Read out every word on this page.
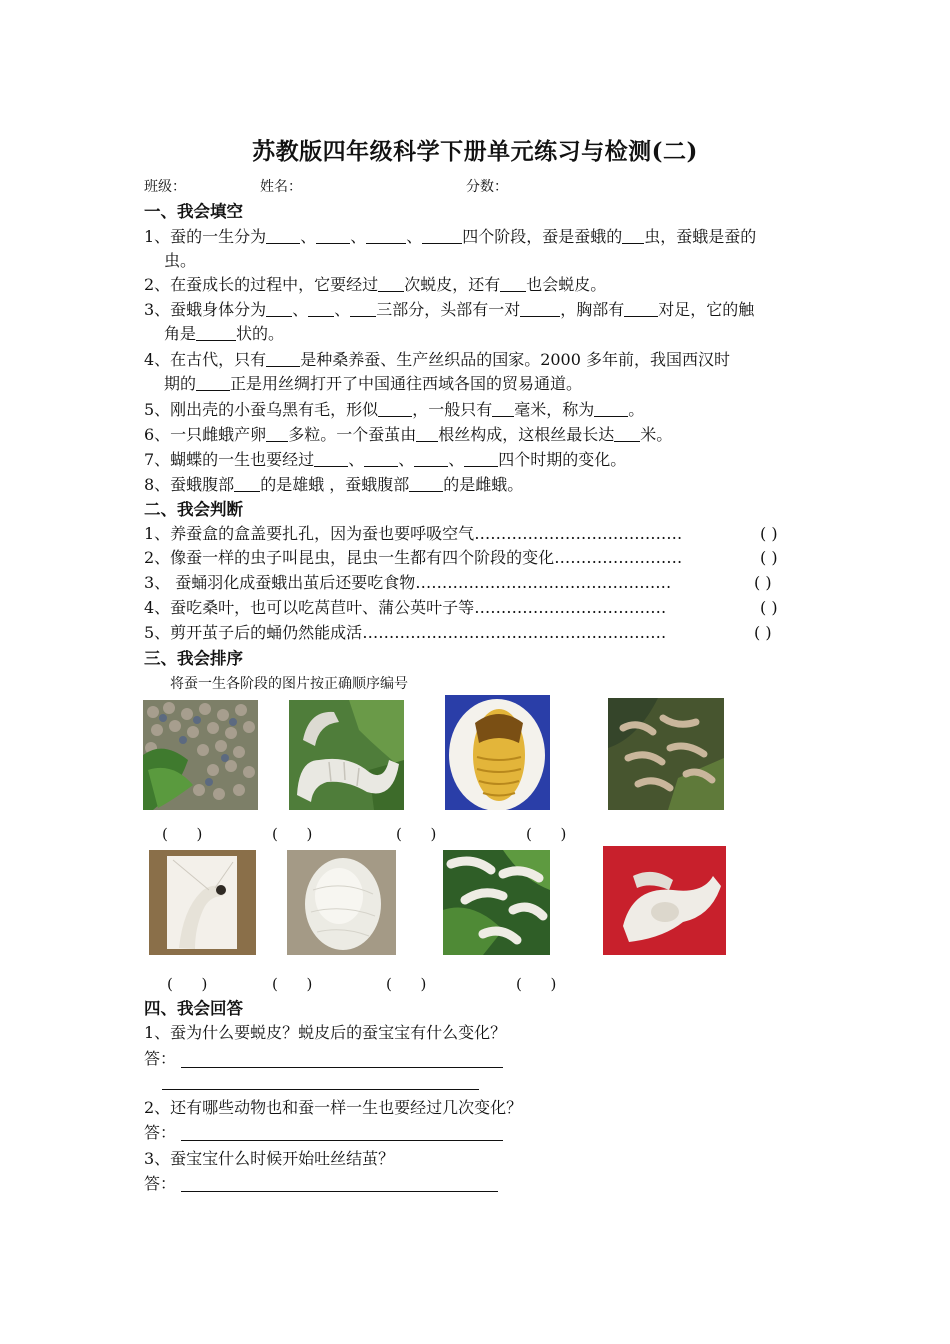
苏教版四年级科学下册单元练习与检测(二)
班级：	姓名：	分数：
一、我会填空
1、蚕的一生分为 、 、	、	四个阶段，蚕是蚕蛾的 虫，蚕蛾是蚕的
虫。
2、在蚕成长的过程中，它要经过 次蜕皮，还有 也会蜕皮。
3、蚕蛾身体分为 、 、 三部分，头部有一对	，胸部有 对足，它的触
角是	状的。
4、在古代，只有 是种桑养蚕、生产丝织品的国家。2000 多年前，我国西汉时
期的 正是用丝绸打开了中国通往西域各国的贸易通道。
5、刚出壳的小蚕乌黑有毛，形似 ，一般只有 毫米，称为 。
6、一只雌蛾产卵 多粒。一个蚕茧由 根丝构成，这根丝最长达 米。
7、蝴蝶的一生也要经过 、 、 、 四个时期的变化。
8、蚕蛾腹部 的是雄蛾 ，蚕蛾腹部 的是雌蛾。
二、我会判断
1、养蚕盒的盒盖要扎孔，因为蚕也要呼吸空气…………………………………	( )
2、像蚕一样的虫子叫昆虫，昆虫一生都有四个阶段的变化……………………	( )
3、 蚕蛹羽化成蚕蛾出茧后还要吃食物…………………………………………	( )
4、蚕吃桑叶，也可以吃莴苣叶、蒲公英叶子等………………………………	( )
5、剪开茧子后的蛹仍然能成活…………………………………………………	( )
三、我会排序
将蚕一生各阶段的图片按正确顺序编号
(      )	(      )	(      )	(      )
(      )	(      )	(      )	(      )
四、我会回答
1、蚕为什么要蜕皮？蜕皮后的蚕宝宝有什么变化？
答：
2、还有哪些动物也和蚕一样一生也要经过几次变化？
答：
3、蚕宝宝什么时候开始吐丝结茧？
答：
